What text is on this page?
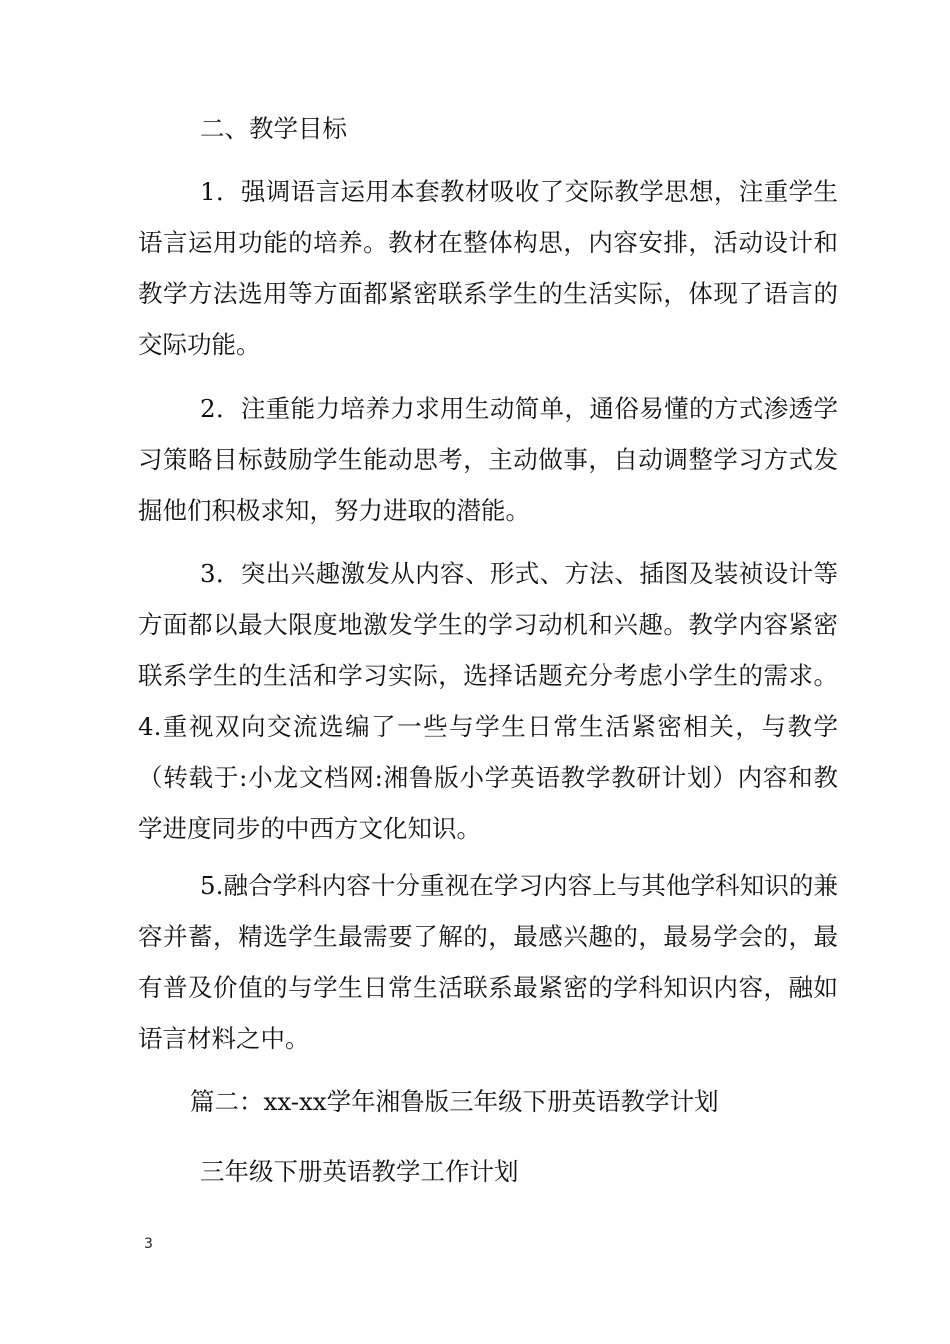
二、教学目标
1．强调语言运用本套教材吸收了交际教学思想，注重学生语言运用功能的培养。教材在整体构思，内容安排，活动设计和教学方法选用等方面都紧密联系学生的生活实际，体现了语言的交际功能。
2．注重能力培养力求用生动简单，通俗易懂的方式渗透学习策略目标鼓励学生能动思考，主动做事，自动调整学习方式发掘他们积极求知，努力进取的潜能。
3．突出兴趣激发从内容、形式、方法、插图及装祯设计等方面都以最大限度地激发学生的学习动机和兴趣。教学内容紧密联系学生的生活和学习实际，选择话题充分考虑小学生的需求。4.重视双向交流选编了一些与学生日常生活紧密相关，与教学（转载于:小龙文档网:湘鲁版小学英语教学教研计划）内容和教学进度同步的中西方文化知识。
5.融合学科内容十分重视在学习内容上与其他学科知识的兼容并蓄，精选学生最需要了解的，最感兴趣的，最易学会的，最有普及价值的与学生日常生活联系最紧密的学科知识内容，融如语言材料之中。
篇二：xx-xx学年湘鲁版三年级下册英语教学计划
三年级下册英语教学工作计划
3
